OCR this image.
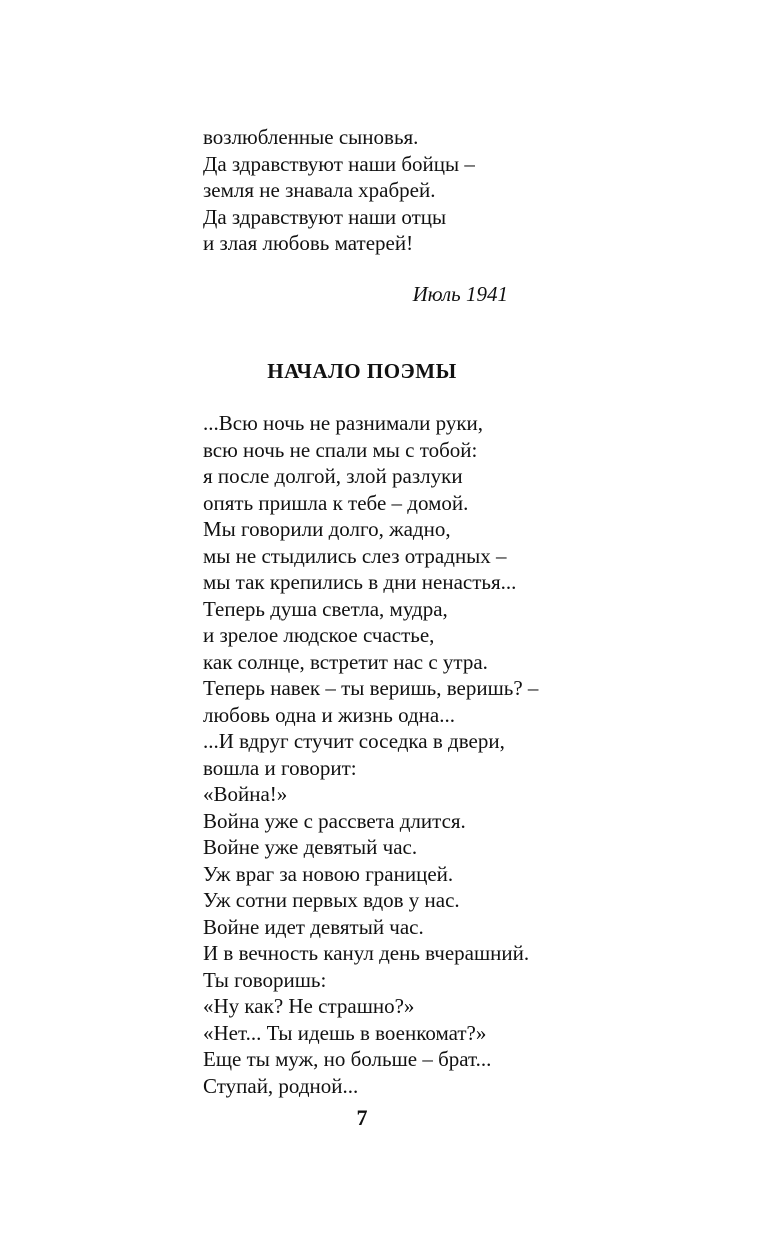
возлюбленные сыновья.
Да здравствуют наши бойцы –
земля не знавала храбрей.
Да здравствуют наши отцы
и злая любовь матерей!
Июль 1941
НАЧАЛО ПОЭМЫ
...Всю ночь не разнимали руки,
всю ночь не спали мы с тобой:
я после долгой, злой разлуки
опять пришла к тебе – домой.
Мы говорили долго, жадно,
мы не стыдились слез отрадных –
мы так крепились в дни ненастья...
Теперь душа светла, мудра,
и зрелое людское счастье,
как солнце, встретит нас с утра.
Теперь навек – ты веришь, веришь? –
любовь одна и жизнь одна...
...И вдруг стучит соседка в двери,
вошла и говорит:
«Война!»
Война уже с рассвета длится.
Войне уже девятый час.
Уж враг за новою границей.
Уж сотни первых вдов у нас.
Войне идет девятый час.
И в вечность канул день вчерашний.
Ты говоришь:
«Ну как? Не страшно?»
«Нет... Ты идешь в военкомат?»
Еще ты муж, но больше – брат...
Ступай, родной...
7
